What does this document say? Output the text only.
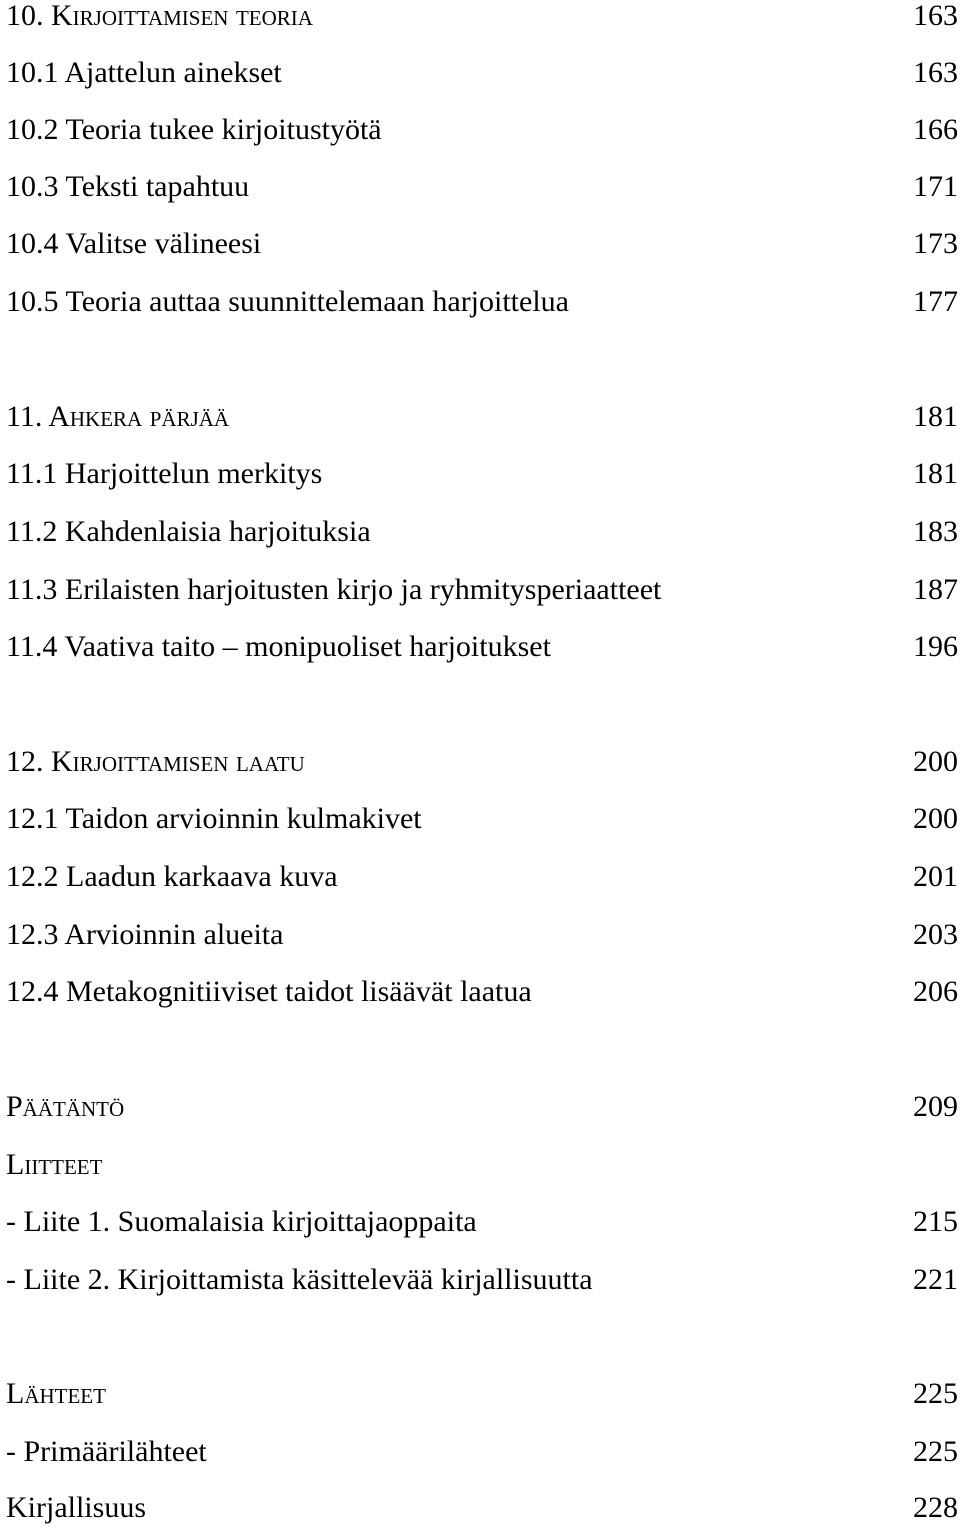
10. Kirjoittamisen teoria	163
10.1 Ajattelun ainekset	163
10.2 Teoria tukee kirjoitustyötä	166
10.3 Teksti tapahtuu	171
10.4 Valitse välineesi	173
10.5 Teoria auttaa suunnittelemaan harjoittelua	177
11. Ahkera pärjää	181
11.1 Harjoittelun merkitys	181
11.2 Kahdenlaisia harjoituksia	183
11.3 Erilaisten harjoitusten kirjo ja ryhmitysperiaatteet	187
11.4 Vaativa taito – monipuoliset harjoitukset	196
12. Kirjoittamisen laatu	200
12.1 Taidon arvioinnin kulmakivet	200
12.2 Laadun karkaava kuva	201
12.3 Arvioinnin alueita	203
12.4 Metakognitiiviset taidot lisäävät laatua	206
Päätäntö	209
Liitteet
- Liite 1. Suomalaisia kirjoittajaoppaita	215
- Liite 2. Kirjoittamista käsittelevää kirjallisuutta	221
Lähteet	225
- Primäärilähteet	225
Kirjallisuus	228
